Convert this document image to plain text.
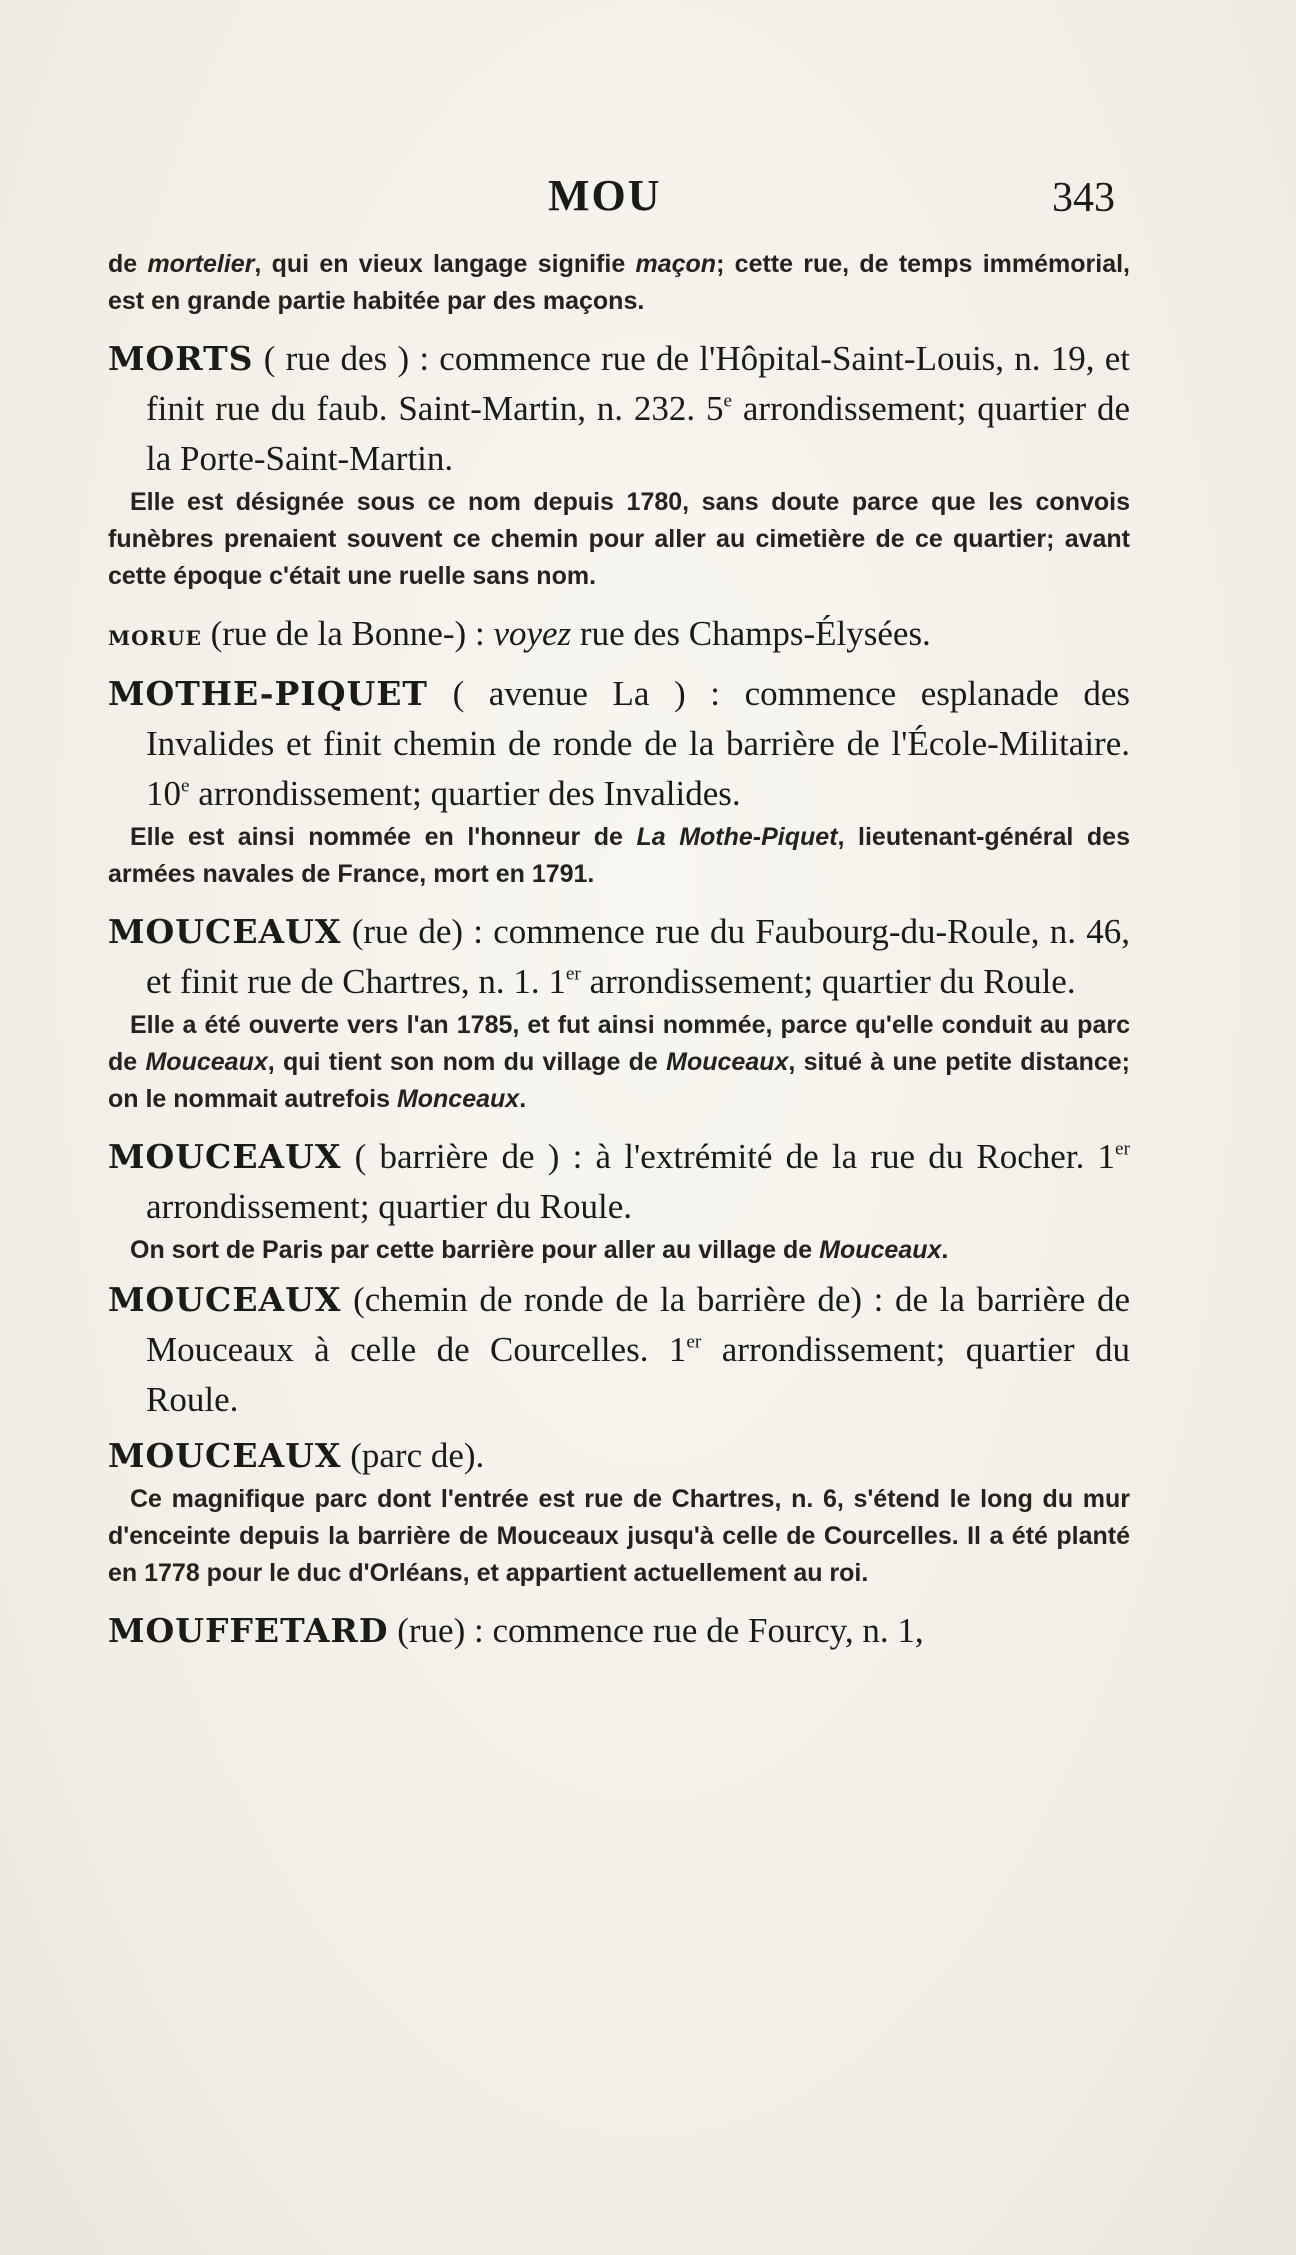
MOU	343

de mortelier, qui en vieux langage signifie maçon; cette rue, de temps immémorial, est en grande partie habitée par des maçons.

MORTS ( rue des ) : commence rue de l'Hôpital-Saint-Louis, n. 19, et finit rue du faub. Saint-Martin, n. 232. 5e arrondissement; quartier de la Porte-Saint-Martin.

Elle est désignée sous ce nom depuis 1780, sans doute parce que les convois funèbres prenaient souvent ce chemin pour aller au cimetière de ce quartier; avant cette époque c'était une ruelle sans nom.

MORUE (rue de la Bonne-) : voyez rue des Champs-Élysées.

MOTHE-PIQUET ( avenue La ) : commence esplanade des Invalides et finit chemin de ronde de la barrière de l'École-Militaire. 10e arrondissement; quartier des Invalides.

Elle est ainsi nommée en l'honneur de La Mothe-Piquet, lieutenant-général des armées navales de France, mort en 1791.

MOUCEAUX (rue de) : commence rue du Faubourg-du-Roule, n. 46, et finit rue de Chartres, n. 1. 1er arrondissement; quartier du Roule.

Elle a été ouverte vers l'an 1785, et fut ainsi nommée, parce qu'elle conduit au parc de Mouceaux, qui tient son nom du village de Mouceaux, situé à une petite distance; on le nommait autrefois Monceaux.

MOUCEAUX ( barrière de ) : à l'extrémité de la rue du Rocher. 1er arrondissement; quartier du Roule.

On sort de Paris par cette barrière pour aller au village de Mouceaux.

MOUCEAUX (chemin de ronde de la barrière de) : de la barrière de Mouceaux à celle de Courcelles. 1er arrondissement; quartier du Roule.

MOUCEAUX (parc de).

Ce magnifique parc dont l'entrée est rue de Chartres, n. 6, s'étend le long du mur d'enceinte depuis la barrière de Mouceaux jusqu'à celle de Courcelles. Il a été planté en 1778 pour le duc d'Orléans, et appartient actuellement au roi.

MOUFFETARD (rue) : commence rue de Fourcy, n. 1,
